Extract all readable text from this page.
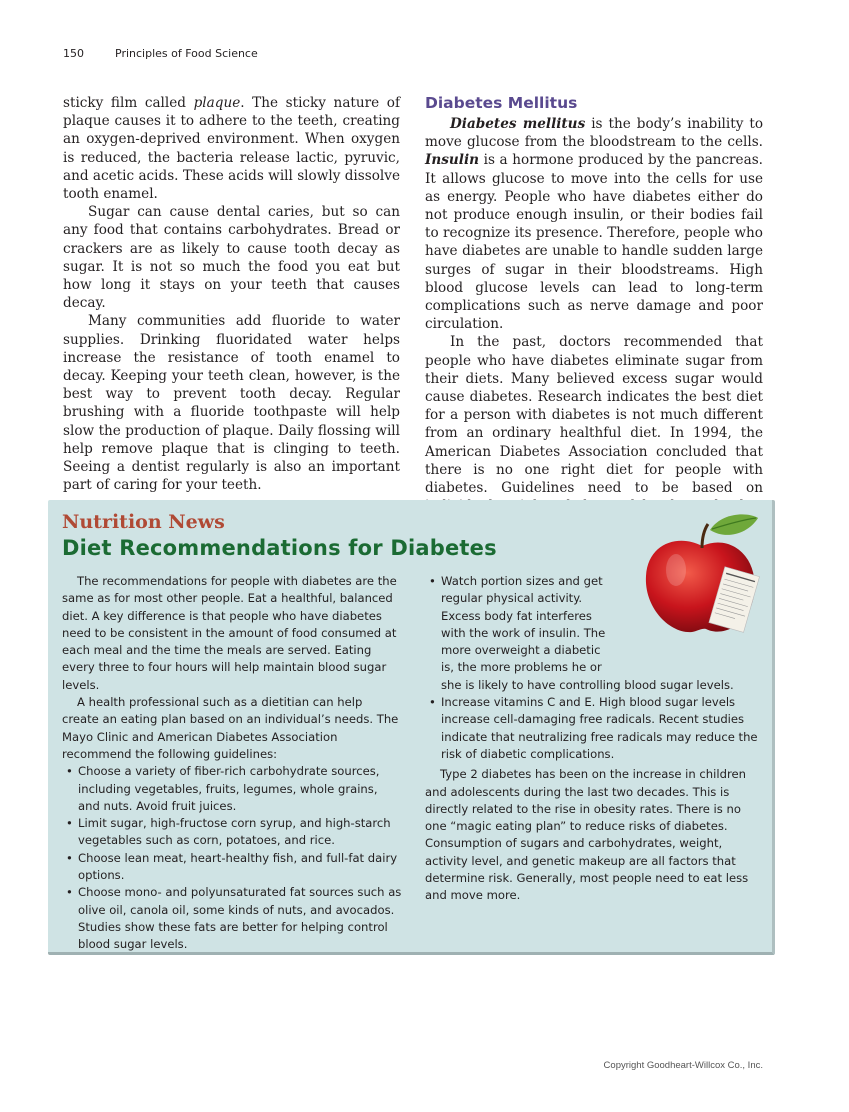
150	Principles of Food Science

sticky film called plaque. The sticky nature of plaque causes it to adhere to the teeth, creating an oxygen-deprived environment. When oxygen is reduced, the bacteria release lactic, pyruvic, and acetic acids. These acids will slowly dissolve tooth enamel.

Sugar can cause dental caries, but so can any food that contains carbohydrates. Bread or crackers are as likely to cause tooth decay as sugar. It is not so much the food you eat but how long it stays on your teeth that causes decay.

Many communities add fluoride to water supplies. Drinking fluoridated water helps increase the resistance of tooth enamel to decay. Keeping your teeth clean, however, is the best way to prevent tooth decay. Regular brushing with a fluoride toothpaste will help slow the production of plaque. Daily flossing will help remove plaque that is clinging to teeth. Seeing a dentist regularly is also an important part of caring for your teeth.

Diabetes Mellitus

Diabetes mellitus is the body’s inability to move glucose from the bloodstream to the cells. Insulin is a hormone produced by the pancreas. It allows glucose to move into the cells for use as energy. People who have diabetes either do not produce enough insulin, or their bodies fail to recognize its presence. Therefore, people who have diabetes are unable to handle sudden large surges of sugar in their bloodstreams. High blood glucose levels can lead to long-term complications such as nerve damage and poor circulation.

In the past, doctors recommended that people who have diabetes eliminate sugar from their diets. Many believed excess sugar would cause diabetes. Research indicates the best diet for a person with diabetes is not much different from an ordinary healthful diet. In 1994, the American Diabetes Association concluded that there is no one right diet for people with diabetes. Guidelines need to be based on

Nutrition News
Diet Recommendations for Diabetes

The recommendations for people with diabetes are the same as for most other people. Eat a healthful, balanced diet. A key difference is that people who have diabetes need to be consistent in the amount of food consumed at each meal and the time the meals are served. Eating every three to four hours will help maintain blood sugar levels.

A health professional such as a dietitian can help create an eating plan based on an individual’s needs. The Mayo Clinic and American Diabetes Association recommend the following guidelines:

• Choose a variety of fiber-rich carbohydrate sources, including vegetables, fruits, legumes, whole grains, and nuts. Avoid fruit juices.
• Limit sugar, high-fructose corn syrup, and high-starch vegetables such as corn, potatoes, and rice.
• Choose lean meat, heart-healthy fish, and full-fat dairy options.
• Choose mono- and polyunsaturated fat sources such as olive oil, canola oil, some kinds of nuts, and avocados. Studies show these fats are better for helping control blood sugar levels.
• Watch portion sizes and get regular physical activity. Excess body fat interferes with the work of insulin. The more overweight a diabetic is, the more problems he or she is likely to have controlling blood sugar levels.
• Increase vitamins C and E. High blood sugar levels increase cell-damaging free radicals. Recent studies indicate that neutralizing free radicals may reduce the risk of diabetic complications.

Type 2 diabetes has been on the increase in children and adolescents during the last two decades. This is directly related to the rise in obesity rates. There is no one “magic eating plan” to reduce risks of diabetes. Consumption of sugars and carbohydrates, weight, activity level, and genetic makeup are all factors that determine risk. Generally, most people need to eat less and move more.

Copyright Goodheart-Willcox Co., Inc.
